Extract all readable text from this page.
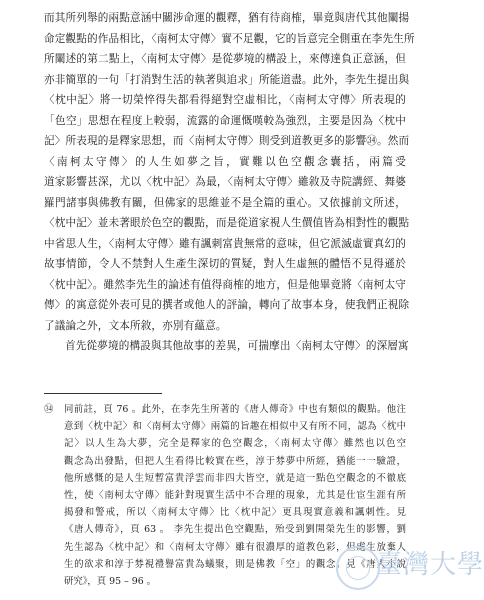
而其所列舉的兩點意涵中關涉命運的觀釋，猶有待商榷，畢竟與唐代其他闡揚
命定觀點的作品相比，〈南柯太守傳〉實不足觀，它的旨意完全側重在李先生所
所闡述的第二點上，〈南柯太守傳〉是從夢境的構設上，來傳達負正意涵，但
亦非簡單的一句「打消對生活的執著與追求」所能道盡。此外，李先生提出與
〈枕中記〉將一切榮悴得失都看得絕對空虛相比，〈南柯太守傳〉所表現的
「色空」思想在程度上較弱，流露的命運慨嘆較為強烈，主要是因為〈枕中
記〉所表現的是釋家思想，而〈南柯太守傳〉則受到道教更多的影響㉞。然而
〈南柯太守傳〉的人生如夢之旨，實難以色空觀念囊括，兩篇受
道家影響甚深，尤以〈枕中記〉為最，〈南柯太守傳〉雖敘及寺院講經、舞婆
羅門諸事與佛教有關，但佛家的思維並不是全篇的重心。又依據前文所述，
〈枕中記〉並未著眼於色空的觀點，而是從道家視人生價值皆為相對性的觀點
中省思人生，〈南柯太守傳〉雖有諷刺富貴無常的意味，但它派滅虛實真幻的
故事情節，令人不禁對人生產生深切的質疑，對人生虛無的體悟不見得遜於
〈枕中記〉。雖然李先生的論述有值得商榷的地方，但是他畢竟將〈南柯太守
傳〉的寓意從外表可見的撰者或他人的評論，轉向了故事本身，使我們正視除
了議論之外，文本所敘，亦別有蘊意。

首先從夢境的構設與其他故事的差異，可揣摩出〈南柯太守傳〉的深層寓

㉞	同前註，頁 76 。此外，在李先生所著的《唐人傳奇》中也有類似的觀點。他注
意到〈枕中記〉和〈南柯太守傳〉兩篇的旨趣在相似中又有所不同，認為〈枕中
記〉以人生為大夢，完全是釋家的色空觀念，〈南柯太守傳〉雖然也以色空
觀念為出發點，但把人生看得比較實在些，淳于棼夢中所經，猶能一一驗證，
他所感慨的是人生短暫富貴浮雲而非四大皆空，就是這一點色空觀念的不徹底
性，使〈南柯太守傳〉能針對現實生活中不合理的現象，尤其是仕宦生涯有所
揭發和警戒，所以〈南柯太守傳〉比〈枕中記〉更具現實意義和諷刺性。見
《唐人傳奇》，頁 63 。 李先生提出色空觀點，殆受到劉開榮先生的影響，劉
先生認為〈枕中記〉和〈南柯太守傳〉雖有很濃厚的道教色彩，但處生放棄人
生的欲求和淳于棼視禮譽富貴為蟻聚，則是佛教「空」的觀念。見《唐人小說
研究》，頁 95 – 96 。
臺灣大學
